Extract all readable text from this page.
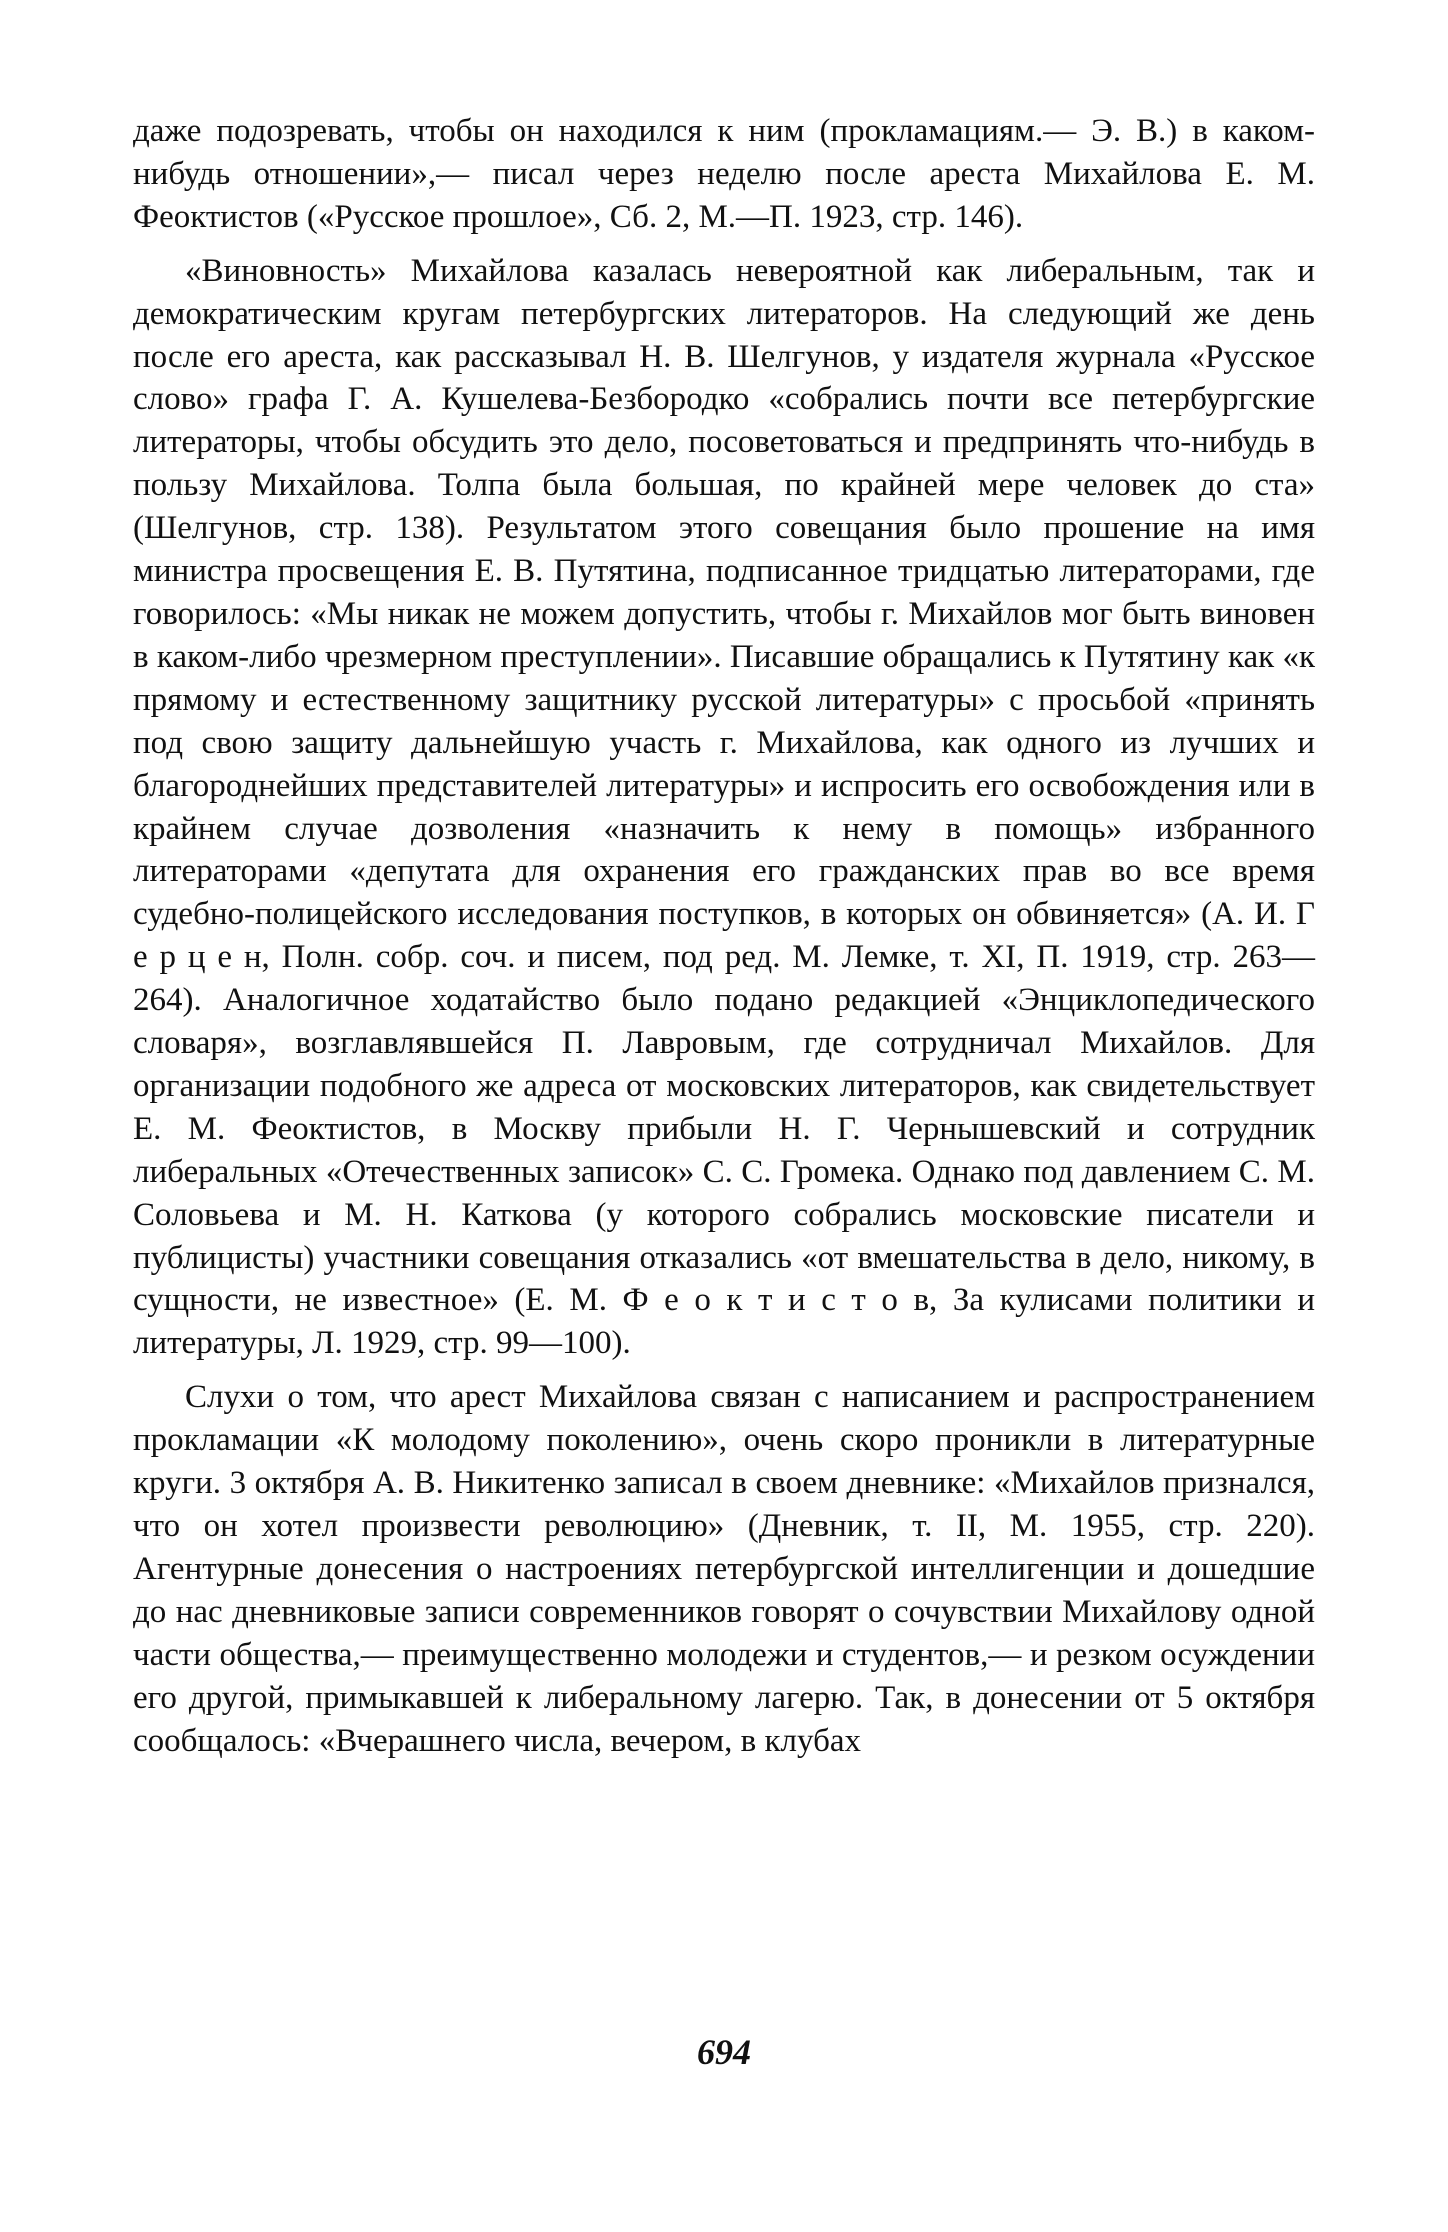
даже подозревать, чтобы он находился к ним (прокламациям.— Э. В.) в каком-нибудь отношении»,— писал через неделю после ареста Михайлова Е. М. Феоктистов («Русское прошлое», Сб. 2, М.—П. 1923, стр. 146).

«Виновность» Михайлова казалась невероятной как либеральным, так и демократическим кругам петербургских литераторов. На следующий же день после его ареста, как рассказывал Н. В. Шелгунов, у издателя журнала «Русское слово» графа Г. А. Кушелева-Безбородко «собрались почти все петербургские литераторы, чтобы обсудить это дело, посоветоваться и предпринять что-нибудь в пользу Михайлова. Толпа была большая, по крайней мере человек до ста» (Шелгунов, стр. 138). Результатом этого совещания было прошение на имя министра просвещения Е. В. Путятина, подписанное тридцатью литераторами, где говорилось: «Мы никак не можем допустить, чтобы г. Михайлов мог быть виновен в каком-либо чрезмерном преступлении». Писавшие обращались к Путятину как «к прямому и естественному защитнику русской литературы» с просьбой «принять под свою защиту дальнейшую участь г. Михайлова, как одного из лучших и благороднейших представителей литературы» и испросить его освобождения или в крайнем случае дозволения «назначить к нему в помощь» избранного литераторами «депутата для охранения его гражданских прав во все время судебно-полицейского исследования поступков, в которых он обвиняется» (А. И. Г е р ц е н, Полн. собр. соч. и писем, под ред. М. Лемке, т. XI, П. 1919, стр. 263—264). Аналогичное ходатайство было подано редакцией «Энциклопедического словаря», возглавлявшейся П. Лавровым, где сотрудничал Михайлов. Для организации подобного же адреса от московских литераторов, как свидетельствует Е. М. Феоктистов, в Москву прибыли Н. Г. Чернышевский и сотрудник либеральных «Отечественных записок» С. С. Громека. Однако под давлением С. М. Соловьева и М. Н. Каткова (у которого собрались московские писатели и публицисты) участники совещания отказались «от вмешательства в дело, никому, в сущности, не известное» (Е. М. Ф е о к т и с т о в, За кулисами политики и литературы, Л. 1929, стр. 99—100).

Слухи о том, что арест Михайлова связан с написанием и распространением прокламации «К молодому поколению», очень скоро проникли в литературные круги. 3 октября А. В. Никитенко записал в своем дневнике: «Михайлов признался, что он хотел произвести революцию» (Дневник, т. II, М. 1955, стр. 220). Агентурные донесения о настроениях петербургской интеллигенции и дошедшие до нас дневниковые записи современников говорят о сочувствии Михайлову одной части общества,— преимущественно молодежи и студентов,— и резком осуждении его другой, примыкавшей к либеральному лагерю. Так, в донесении от 5 октября сообщалось: «Вчерашнего числа, вечером, в клубах

694
